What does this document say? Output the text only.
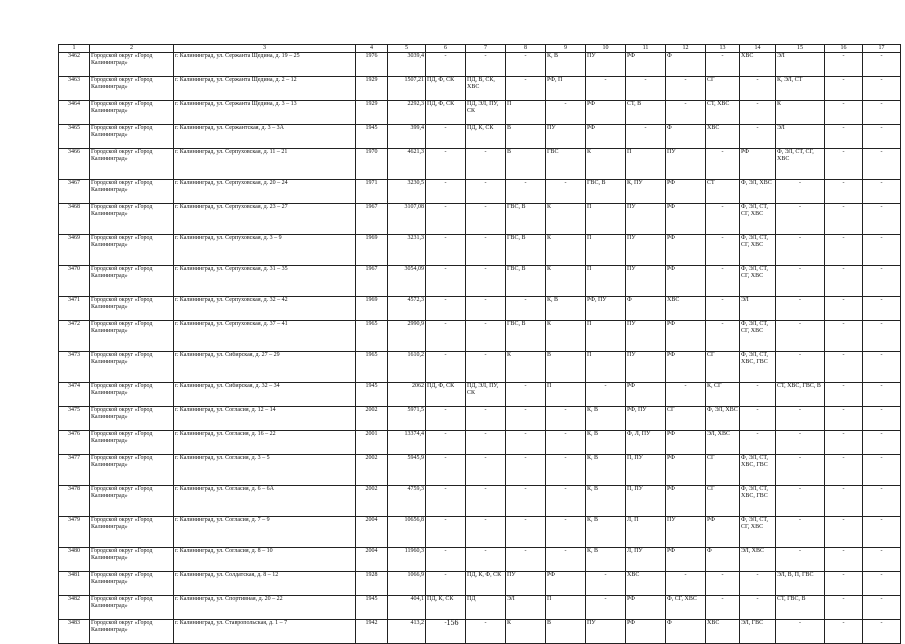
1	2	3	4	5	6	7	8	9	10	11	12	13	14	15	16	17
3462	Городской округ «Город Калининград»	г. Калининград, ул. Сержанта Щедина, д. 19 – 25	1976	3039,4	-	-	-	К, В	ПУ	РФ	Ф	-	ХВС	ЭЛ	-	-
3463	Городской округ «Город Калининград»	г. Калининград, ул. Сержанта Щедина, д. 2 – 12	1929	1507,21	ПД, Ф, СК	ПД, В, СК, ХВС	-	РФ, П	-	-	-	СГ	-	К, ЭЛ, СТ	-	-
3464	Городской округ «Город Калининград»	г. Калининград, ул. Сержанта Щедина, д. 3 – 13	1929	2292,3	ПД, Ф, СК	ПД, ЭЛ, ПУ, СК	П	-	РФ	СТ, В	-	СТ, ХВС	-	К	-	-
3465	Городской округ «Город Калининград»	г. Калининград, ул. Сержантская, д. 3 – 3А	1945	399,4	-	ПД, К, СК	В	ПУ	РФ	-	Ф	ХВС	-	ЭЛ	-	-
3466	Городской округ «Город Калининград»	г. Калининград, ул. Серпуховская, д. 11 – 21	1970	4621,3	-	-	В	ГВС	К	П	ПУ	-	РФ	Ф, ЭЛ, СТ, СГ, ХВС	-	-
3467	Городской округ «Город Калининград»	г. Калининград, ул. Серпуховская, д. 20 – 24	1971	3230,5	-	-	-	-	ГВС, В	К, ПУ	РФ	СТ	Ф, ЭЛ, ХВС	-	-	-
3468	Городской округ «Город Калининград»	г. Калининград, ул. Серпуховская, д. 23 – 27	1967	3107,08	-	-	ГВС, В	К	П	ПУ	РФ	-	Ф, ЭЛ, СТ, СГ, ХВС	-	-	-
3469	Городской округ «Город Калининград»	г. Калининград, ул. Серпуховская, д. 3 – 9	1969	3231,3	-	-	ГВС, В	К	П	ПУ	РФ	-	Ф, ЭЛ, СТ, СГ, ХВС	-	-	-
3470	Городской округ «Город Калининград»	г. Калининград, ул. Серпуховская, д. 31 – 35	1967	3054,09	-	-	ГВС, В	К	П	ПУ	РФ	-	Ф, ЭЛ, СТ, СГ, ХВС	-	-	-
3471	Городской округ «Город Калининград»	г. Калининград, ул. Серпуховская, д. 32 – 42	1969	4572,3	-	-	-	К, В	РФ, ПУ	Ф	ХВС	-	ЭЛ	-	-	-
3472	Городской округ «Город Калининград»	г. Калининград, ул. Серпуховская, д. 37 – 41	1965	2990,9	-	-	ГВС, В	К	П	ПУ	РФ	-	Ф, ЭЛ, СТ, СГ, ХВС	-	-	-
3473	Городской округ «Город Калининград»	г. Калининград, ул. Сибирская, д. 27 – 29	1965	1610,2	-	-	К	В	П	ПУ	РФ	СГ	Ф, ЭЛ, СТ, ХВС, ГВС	-	-	-
3474	Городской округ «Город Калининград»	г. Калининград, ул. Сибирская, д. 32 – 34	1945	2062	ПД, Ф, СК	ПД, ЭЛ, ПУ, СК	-	П	-	РФ	-	К, СГ	-	СТ, ХВС, ГВС, В	-	-
3475	Городской округ «Город Калининград»	г. Калининград, ул. Согласия, д. 12 – 14	2002	5971,5	-	-	-	-	К, В	РФ, ПУ	СГ	Ф, ЭЛ, ХВС	-	-	-	-
3476	Городской округ «Город Калининград»	г. Калининград, ул. Согласия, д. 16 – 22	2001	13374,4	-	-	-	-	К, В	Ф, Л, ПУ	РФ	ЭЛ, ХВС	-	-	-	-
3477	Городской округ «Город Калининград»	г. Калининград, ул. Согласия, д. 3 – 5	2002	5945,9	-	-	-	-	К, В	П, ПУ	РФ	СГ	Ф, ЭЛ, СТ, ХВС, ГВС	-	-	-
3478	Городской округ «Город Калининград»	г. Калининград, ул. Согласия, д. 6 – 6А	2002	4759,3	-	-	-	-	К, В	П, ПУ	РФ	СГ	Ф, ЭЛ, СТ, ХВС, ГВС	-	-	-
3479	Городской округ «Город Калининград»	г. Калининград, ул. Согласия, д. 7 – 9	2004	10656,8	-	-	-	-	К, В	Л, П	ПУ	РФ	Ф, ЭЛ, СТ, СГ, ХВС	-	-	-
3480	Городской округ «Город Калининград»	г. Калининград, ул. Согласия, д. 8 – 10	2004	11960,3	-	-	-	-	К, В	Л, ПУ	РФ	Ф	ЭЛ, ХВС	-	-	-
3481	Городской округ «Город Калининград»	г. Калининград, ул. Солдатская, д. 8 – 12	1928	1066,9	-	ПД, К, Ф, СК	ПУ	РФ	-	ХВС	-	-	-	ЭЛ, В, П, ГВС	-	-
3482	Городской округ «Город Калининград»	г. Калининград, ул. Спортивная, д. 20 – 22	1945	404,1	ПД, К, СК	ПД	ЭЛ	П	-	РФ	Ф, СГ, ХВС	-	-	СТ, ГВС, В	-	-
3483	Городской округ «Город Калининград»	г. Калининград, ул. Ставропольская, д. 1 – 7	1942	413,2	-	-	К	В	ПУ	РФ	Ф	ХВС	ЭЛ, ГВС	-	-	-
156
